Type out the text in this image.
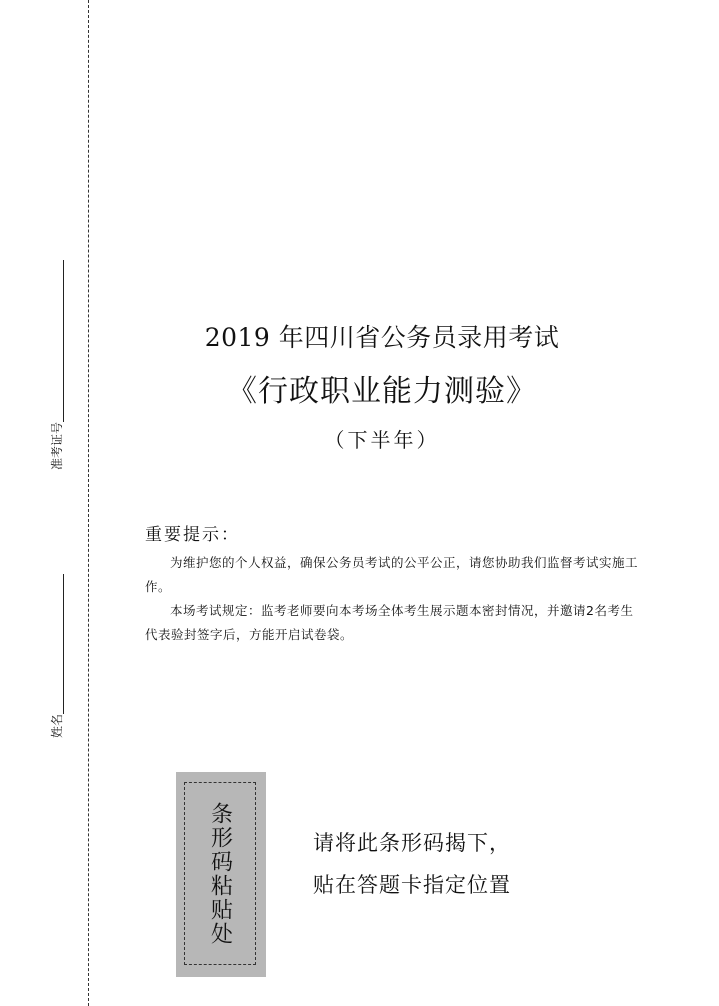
准考证号
姓名
2019 年四川省公务员录用考试
《行政职业能力测验》
（下半年）

重要提示：

为维护您的个人权益，确保公务员考试的公平公正，请您协助我们监督考试实施工作。

本场考试规定：监考老师要向本考场全体考生展示题本密封情况，并邀请2名考生代表验封签字后，方能开启试卷袋。

条形码粘贴处	请将此条形码揭下，
贴在答题卡指定位置
